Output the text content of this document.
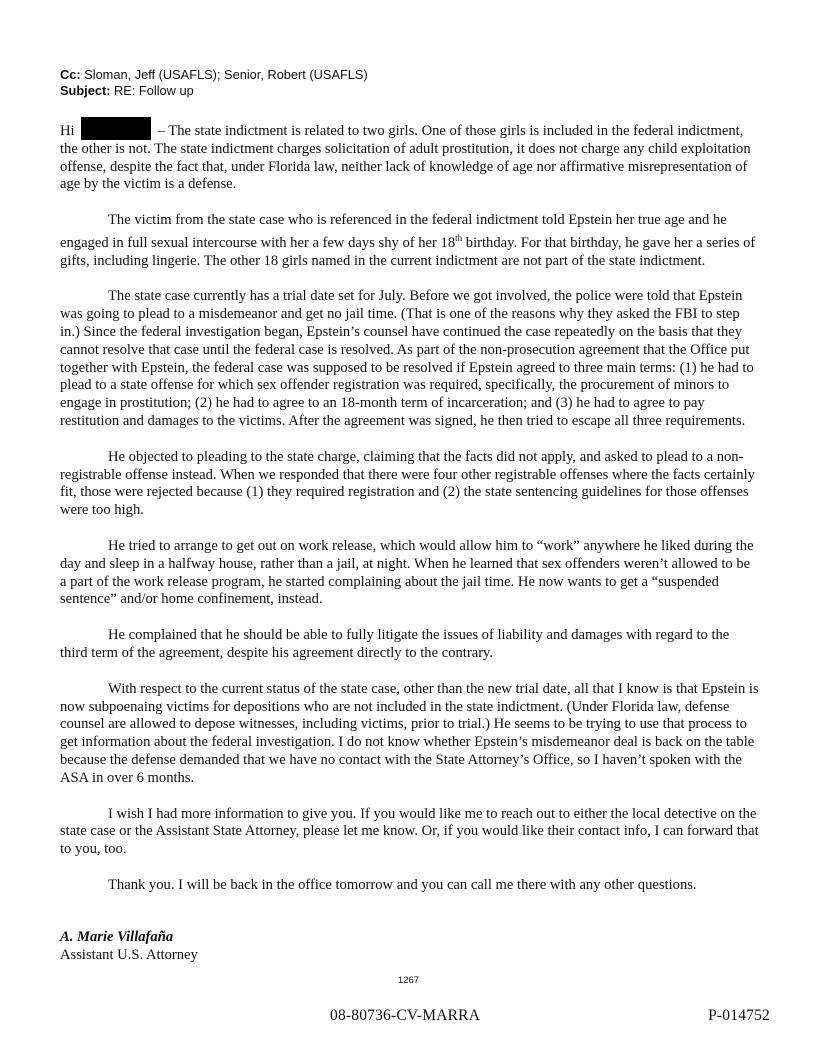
Cc: Sloman, Jeff (USAFLS); Senior, Robert (USAFLS)
Subject: RE: Follow up

Hi	– The state indictment is related to two girls. One of those girls is included in the federal indictment, the other is not. The state indictment charges solicitation of adult prostitution, it does not charge any child exploitation offense, despite the fact that, under Florida law, neither lack of knowledge of age nor affirmative misrepresentation of age by the victim is a defense.

The victim from the state case who is referenced in the federal indictment told Epstein her true age and he engaged in full sexual intercourse with her a few days shy of her 18th birthday. For that birthday, he gave her a series of gifts, including lingerie. The other 18 girls named in the current indictment are not part of the state indictment.

The state case currently has a trial date set for July. Before we got involved, the police were told that Epstein was going to plead to a misdemeanor and get no jail time. (That is one of the reasons why they asked the FBI to step in.) Since the federal investigation began, Epstein’s counsel have continued the case repeatedly on the basis that they cannot resolve that case until the federal case is resolved. As part of the non-prosecution agreement that the Office put together with Epstein, the federal case was supposed to be resolved if Epstein agreed to three main terms: (1) he had to plead to a state offense for which sex offender registration was required, specifically, the procurement of minors to engage in prostitution; (2) he had to agree to an 18-month term of incarceration; and (3) he had to agree to pay restitution and damages to the victims. After the agreement was signed, he then tried to escape all three requirements.

He objected to pleading to the state charge, claiming that the facts did not apply, and asked to plead to a non-registrable offense instead. When we responded that there were four other registrable offenses where the facts certainly fit, those were rejected because (1) they required registration and (2) the state sentencing guidelines for those offenses were too high.

He tried to arrange to get out on work release, which would allow him to “work” anywhere he liked during the day and sleep in a halfway house, rather than a jail, at night. When he learned that sex offenders weren’t allowed to be a part of the work release program, he started complaining about the jail time. He now wants to get a “suspended sentence” and/or home confinement, instead.

He complained that he should be able to fully litigate the issues of liability and damages with regard to the third term of the agreement, despite his agreement directly to the contrary.

With respect to the current status of the state case, other than the new trial date, all that I know is that Epstein is now subpoenaing victims for depositions who are not included in the state indictment. (Under Florida law, defense counsel are allowed to depose witnesses, including victims, prior to trial.) He seems to be trying to use that process to get information about the federal investigation. I do not know whether Epstein’s misdemeanor deal is back on the table because the defense demanded that we have no contact with the State Attorney’s Office, so I haven’t spoken with the ASA in over 6 months.

I wish I had more information to give you. If you would like me to reach out to either the local detective on the state case or the Assistant State Attorney, please let me know. Or, if you would like their contact info, I can forward that to you, too.

Thank you. I will be back in the office tomorrow and you can call me there with any other questions.

A. Marie Villafaña
Assistant U.S. Attorney
1267
08-80736-CV-MARRA	P-014752
